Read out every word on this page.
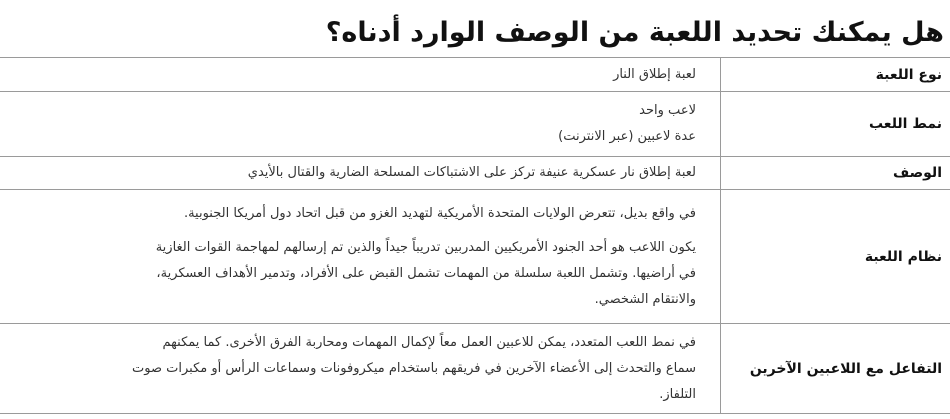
هل يمكنك تحديد اللعبة من الوصف الوارد أدناه؟
نوع اللعبة	لعبة إطلاق النار

نمط اللعب	لاعب واحد

عدة لاعبين (عبر الانترنت)

الوصف	لعبة إطلاق نار عسكرية عنيفة تركز على الاشتباكات المسلحة الضارية والقتال بالأيدي

نظام اللعبة	في واقع بديل، تتعرض الولايات المتحدة الأمريكية لتهديد الغزو من قبل اتحاد دول أمريكا الجنوبية.

يكون اللاعب هو أحد الجنود الأمريكيين المدربين تدريباً جيداً والذين تم إرسالهم لمهاجمة القوات الغازية

في أراضيها. وتشمل اللعبة سلسلة من المهمات تشمل القبض على الأفراد، وتدمير الأهداف العسكرية،

والانتقام الشخصي.

التفاعل مع اللاعبين الآخرين	في نمط اللعب المتعدد، يمكن للاعبين العمل معاً لإكمال المهمات ومحاربة الفرق الأخرى. كما يمكنهم

سماع والتحدث إلى الأعضاء الآخرين في فريقهم باستخدام ميكروفونات وسماعات الرأس أو مكبرات صوت

التلفاز.
